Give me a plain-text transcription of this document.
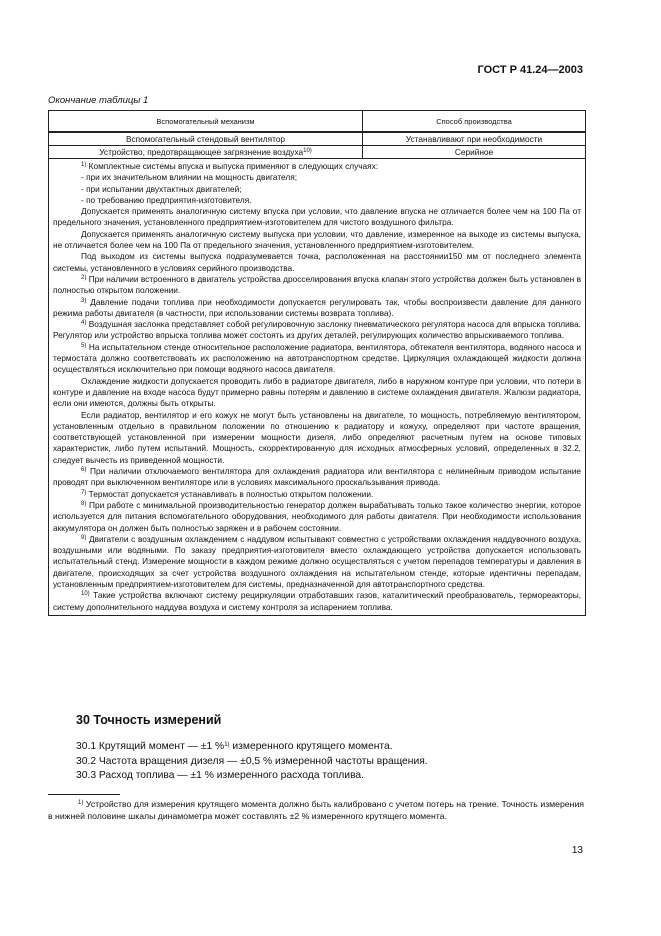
ГОСТ Р 41.24—2003
Окончание таблицы 1
Вспомогательный механизм	Способ производства
Вспомогательный стендовый вентилятор	Устанавливают при необходимости
Устройство, предотвращающее загрязнение воздуха$^{10)}$	Серийное

$^{1)}$ Комплектные системы впуска и выпуска применяют в следующих случаях:

- при их значительном влиянии на мощность двигателя;

- при испытании двухтактных двигателей;

- по требованию предприятия-изготовителя.

Допускается применять аналогичную систему впуска при условии, что давление впуска не отличается более чем на 100 Па от предельного значения, установленного предприятием-изготовителем для чистого воздушного фильтра.

Допускается применять аналогичную систему выпуска при условии, что давление, измеренное на выходе из системы выпуска, не отличается более чем на 100 Па от предельного значения, установленного предприятием-изготовителем.

Под выходом из системы выпуска подразумевается точка, расположенная на расстоянии150 мм от последнего элемента системы, установленного в условиях серийного производства.

$^{2)}$ При наличии встроенного в двигатель устройства дросселирования впуска клапан этого устройства должен быть установлен в полностью открытом положении.

$^{3)}$ Давление подачи топлива при необходимости допускается регулировать так, чтобы воспроизвести давление для данного режима работы двигателя (в частности, при использовании системы возврата топлива).

$^{4)}$ Воздушная заслонка представляет собой регулировочную заслонку пневматического регулятора насоса для впрыска топлива. Регулятор или устройство впрыска топлива может состоять из других деталей, регулирующих количество впрыскиваемого топлива.

$^{5)}$ На испытательном стенде относительное расположение радиатора, вентилятора, обтекателя вентилятора, водяного насоса и термостата должно соответствовать их расположению на автотранспортном средстве. Циркуляция охлаждающей жидкости должна осуществляться исключительно при помощи водяного насоса двигателя.

Охлаждение жидкости допускается проводить либо в радиаторе двигателя, либо в наружном контуре при условии, что потери в контуре и давление на входе насоса будут примерно равны потерям и давлению в системе охлаждения двигателя. Жалюзи радиатора, если они имеются, должны быть открыты.

Если радиатор, вентилятор и его кожух не могут быть установлены на двигателе, то мощность, потребляемую вентилятором, установленным отдельно в правильном положении по отношению к радиатору и кожуху, определяют при частоте вращения, соответствующей установленной при измерении мощности дизеля, либо определяют расчетным путем на основе типовых характеристик, либо путем испытаний. Мощность, скорректированную для исходных атмосферных условий, определенных в 32.2, следует вычесть из приведенной мощности.

$^{6)}$ При наличии отключаемого вентилятора для охлаждения радиатора или вентилятора с нелинейным приводом испытание проводят при выключенном вентиляторе или в условиях максимального проскальзывания привода.

$^{7)}$ Термостат допускается устанавливать в полностью открытом положении.

$^{8)}$ При работе с минимальной производительностью генератор должен вырабатывать только такое количество энергии, которое используется для питания вспомогательного оборудования, необходимого для работы двигателя. При необходимости использования аккумулятора он должен быть полностью заряжен и в рабочем состоянии.

$^{9)}$ Двигатели с воздушным охлаждением с наддувом испытывают совместно с устройствами охлаждения наддувочного воздуха, воздушными или водяными. По заказу предприятия-изготовителя вместо охлаждающего устройства допускается использовать испытательный стенд. Измерение мощности в каждом режиме должно осуществляться с учетом перепадов температуры и давления в двигателе, происходящих за счет устройства воздушного охлаждения на испытательном стенде, которые идентичны перепадам, установленным предприятием-изготовителем для системы, предназначенной для автотранспортного средства.

$^{10)}$ Такие устройства включают систему рециркуляции отработавших газов, каталитический преобразователь, термореакторы, систему дополнительного наддува воздуха и систему контроля за испарением топлива.

30 Точность измерений
30.1 Крутящий момент — ±1 %$^{1)}$ измеренного крутящего момента.
30.2 Частота вращения дизеля — ±0,5 % измеренной частоты вращения.
30.3 Расход топлива — ±1 % измеренного расхода топлива.

$^{1)}$ Устройство для измерения крутящего момента должно быть калибровано с учетом потерь на трение. Точность измерения в нижней половине шкалы динамометра может составлять ±2 % измеренного крутящего момента.

13
